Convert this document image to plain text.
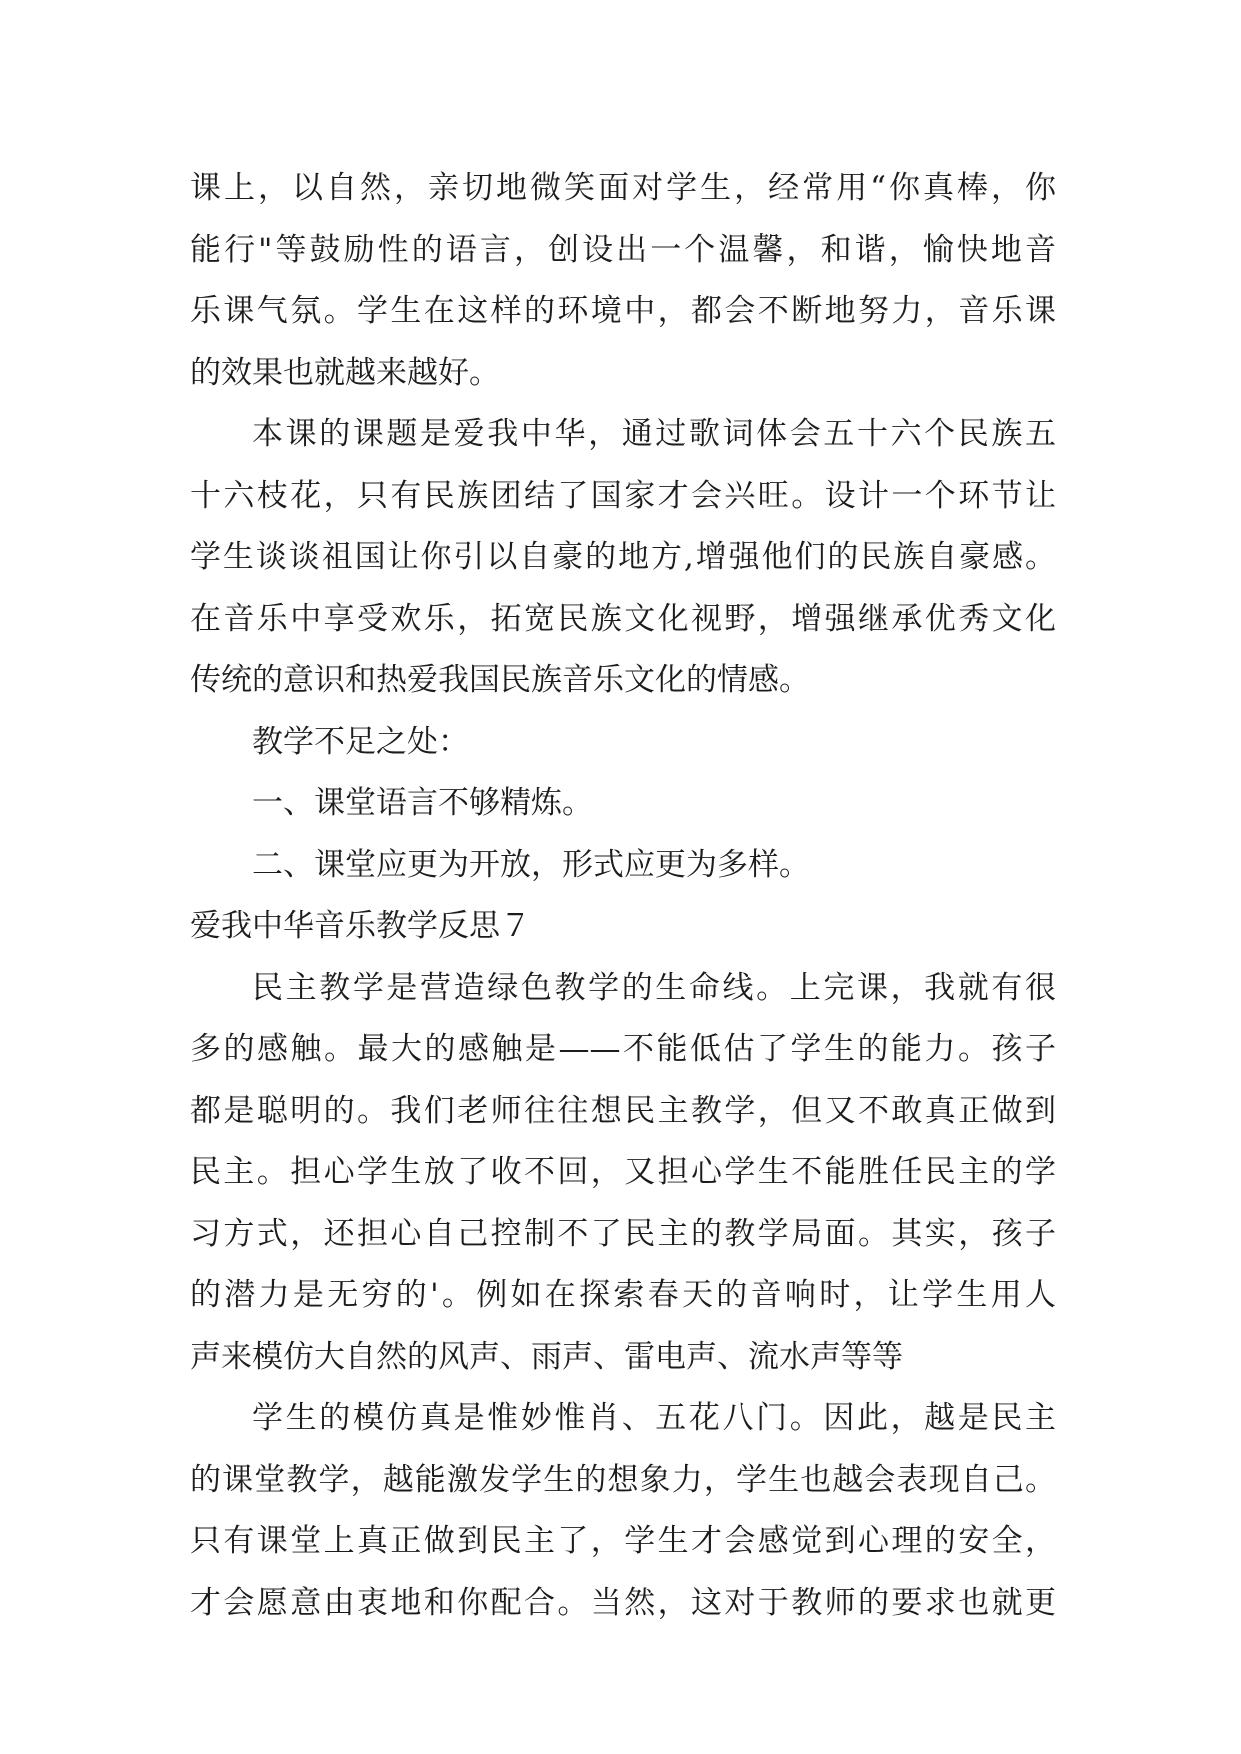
课上，以自然，亲切地微笑面对学生，经常用“你真棒，你
能行"等鼓励性的语言，创设出一个温馨，和谐，愉快地音
乐课气氛。学生在这样的环境中，都会不断地努力，音乐课
的效果也就越来越好。
本课的课题是爱我中华，通过歌词体会五十六个民族五
十六枝花，只有民族团结了国家才会兴旺。设计一个环节让
学生谈谈祖国让你引以自豪的地方,增强他们的民族自豪感。
在音乐中享受欢乐，拓宽民族文化视野，增强继承优秀文化
传统的意识和热爱我国民族音乐文化的情感。
教学不足之处：
一、课堂语言不够精炼。
二、课堂应更为开放，形式应更为多样。
爱我中华音乐教学反思７
民主教学是营造绿色教学的生命线。上完课，我就有很
多的感触。最大的感触是——不能低估了学生的能力。孩子
都是聪明的。我们老师往往想民主教学，但又不敢真正做到
民主。担心学生放了收不回，又担心学生不能胜任民主的学
习方式，还担心自己控制不了民主的教学局面。其实，孩子
的潜力是无穷的'。例如在探索春天的音响时，让学生用人
声来模仿大自然的风声、雨声、雷电声、流水声等等
学生的模仿真是惟妙惟肖、五花八门。因此，越是民主
的课堂教学，越能激发学生的想象力，学生也越会表现自己。
只有课堂上真正做到民主了，学生才会感觉到心理的安全，
才会愿意由衷地和你配合。当然，这对于教师的要求也就更
